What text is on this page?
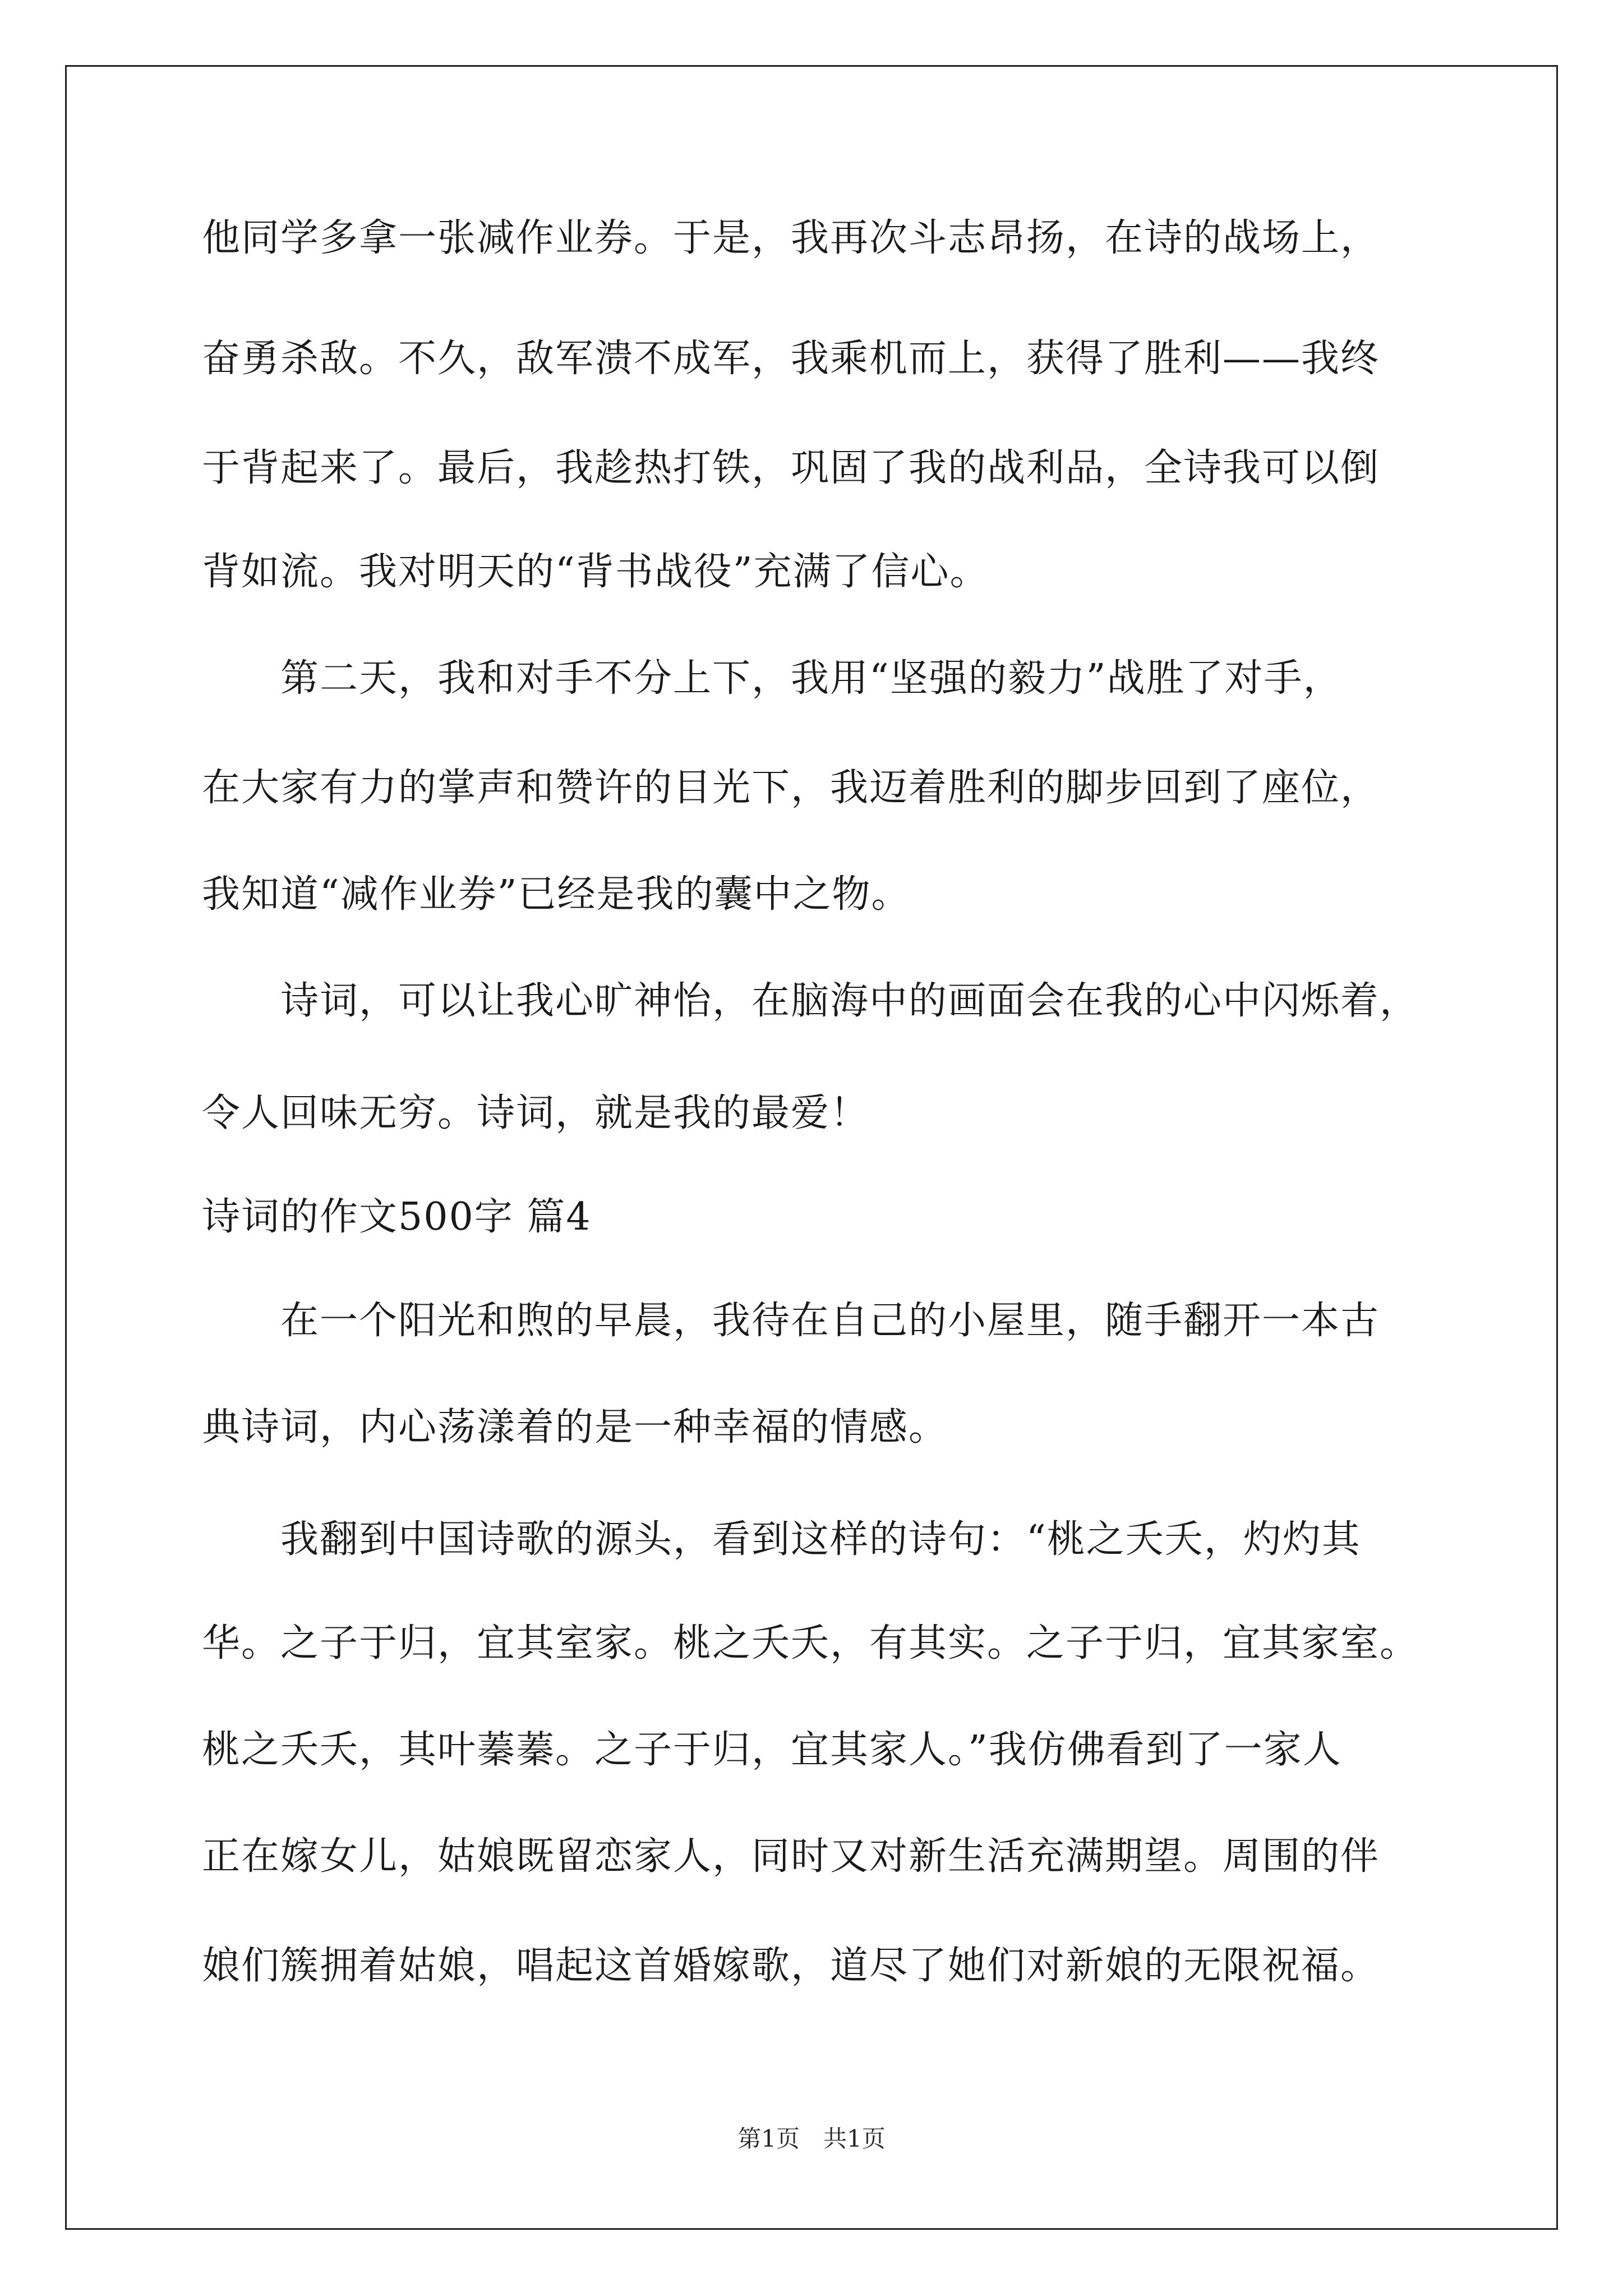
他同学多拿一张减作业券。于是，我再次斗志昂扬，在诗的战场上，
奋勇杀敌。不久，敌军溃不成军，我乘机而上，获得了胜利——我终
于背起来了。最后，我趁热打铁，巩固了我的战利品，全诗我可以倒
背如流。我对明天的“背书战役”充满了信心。
第二天，我和对手不分上下，我用“坚强的毅力”战胜了对手，
在大家有力的掌声和赞许的目光下，我迈着胜利的脚步回到了座位，
我知道“减作业券”已经是我的囊中之物。
诗词，可以让我心旷神怡，在脑海中的画面会在我的心中闪烁着，
令人回味无穷。诗词，就是我的最爱！
诗词的作文500字 篇4
在一个阳光和煦的早晨，我待在自己的小屋里，随手翻开一本古
典诗词，内心荡漾着的是一种幸福的情感。
我翻到中国诗歌的源头，看到这样的诗句：“桃之夭夭，灼灼其
华。之子于归，宜其室家。桃之夭夭，有其实。之子于归，宜其家室。
桃之夭夭，其叶蓁蓁。之子于归，宜其家人。”我仿佛看到了一家人
正在嫁女儿，姑娘既留恋家人，同时又对新生活充满期望。周围的伴
娘们簇拥着姑娘，唱起这首婚嫁歌，道尽了她们对新娘的无限祝福。
第1页　共1页
